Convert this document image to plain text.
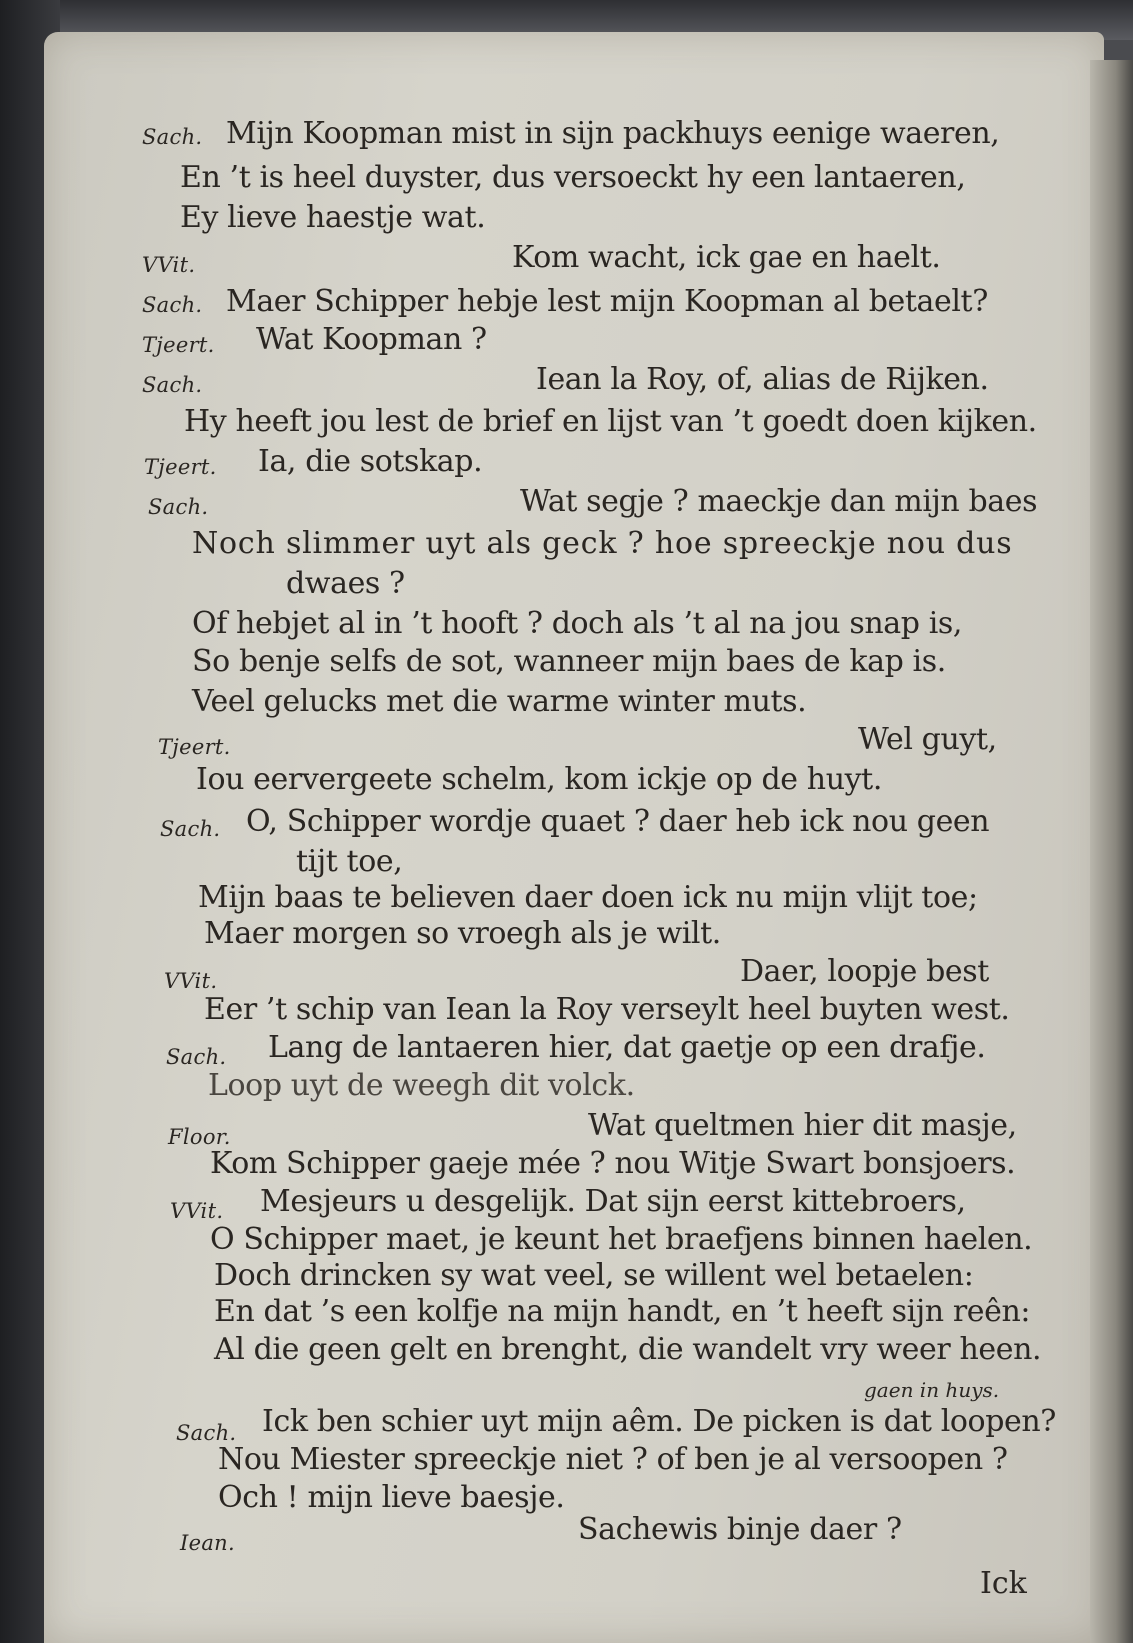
Sach. Mijn Koopman mist in sijn packhuys eenige waeren,
En ’t is heel duyster, dus versoeckt hy een lantaeren,
Ey lieve haestje wat.
VVit.	Kom wacht, ick gae en haelt.
Sach. Maer Schipper hebje lest mijn Koopman al betaelt?
Tjeert. Wat Koopman ?
Sach.	Iean la Roy, of, alias de Rijken.
Hy heeft jou lest de brief en lijst van ’t goedt doen kijken.
Tjeert. Ia, die sotskap.
Sach.	Wat segje ? maeckje dan mijn baes
Noch slimmer uyt als geck ? hoe spreeckje nou dus
dwaes ?
Of hebjet al in ’t hooft ? doch als ’t al na jou snap is,
So benje selfs de sot, wanneer mijn baes de kap is.
Veel gelucks met die warme winter muts.
Tjeert.	Wel guyt,
Iou eervergeete schelm, kom ickje op de huyt.
Sach. O, Schipper wordje quaet ? daer heb ick nou geen
tijt toe,
Mijn baas te believen daer doen ick nu mijn vlijt toe;
Maer morgen so vroegh als je wilt.
VVit.	Daer, loopje best
Eer ’t schip van Iean la Roy verseylt heel buyten west.
Sach. Lang de lantaeren hier, dat gaetje op een drafje.
Loop uyt de weegh dit volck.
Floor.	Wat queltmen hier dit masje,
Kom Schipper gaeje mée ? nou Witje Swart bonsjoers.
VVit. Mesjeurs u desgelijk. Dat sijn eerst kittebroers,
O Schipper maet, je keunt het braefjens binnen haelen.
Doch drincken sy wat veel, se willent wel betaelen:
En dat ’s een kolfje na mijn handt, en ’t heeft sijn reên:
Al die geen gelt en brenght, die wandelt vry weer heen.
gaen in huys.
Sach. Ick ben schier uyt mijn aêm. De picken is dat loopen?
Nou Miester spreeckje niet ? of ben je al versoopen ?
Och ! mijn lieve baesje.
Sachewis binje daer ?
Iean.
Ick
